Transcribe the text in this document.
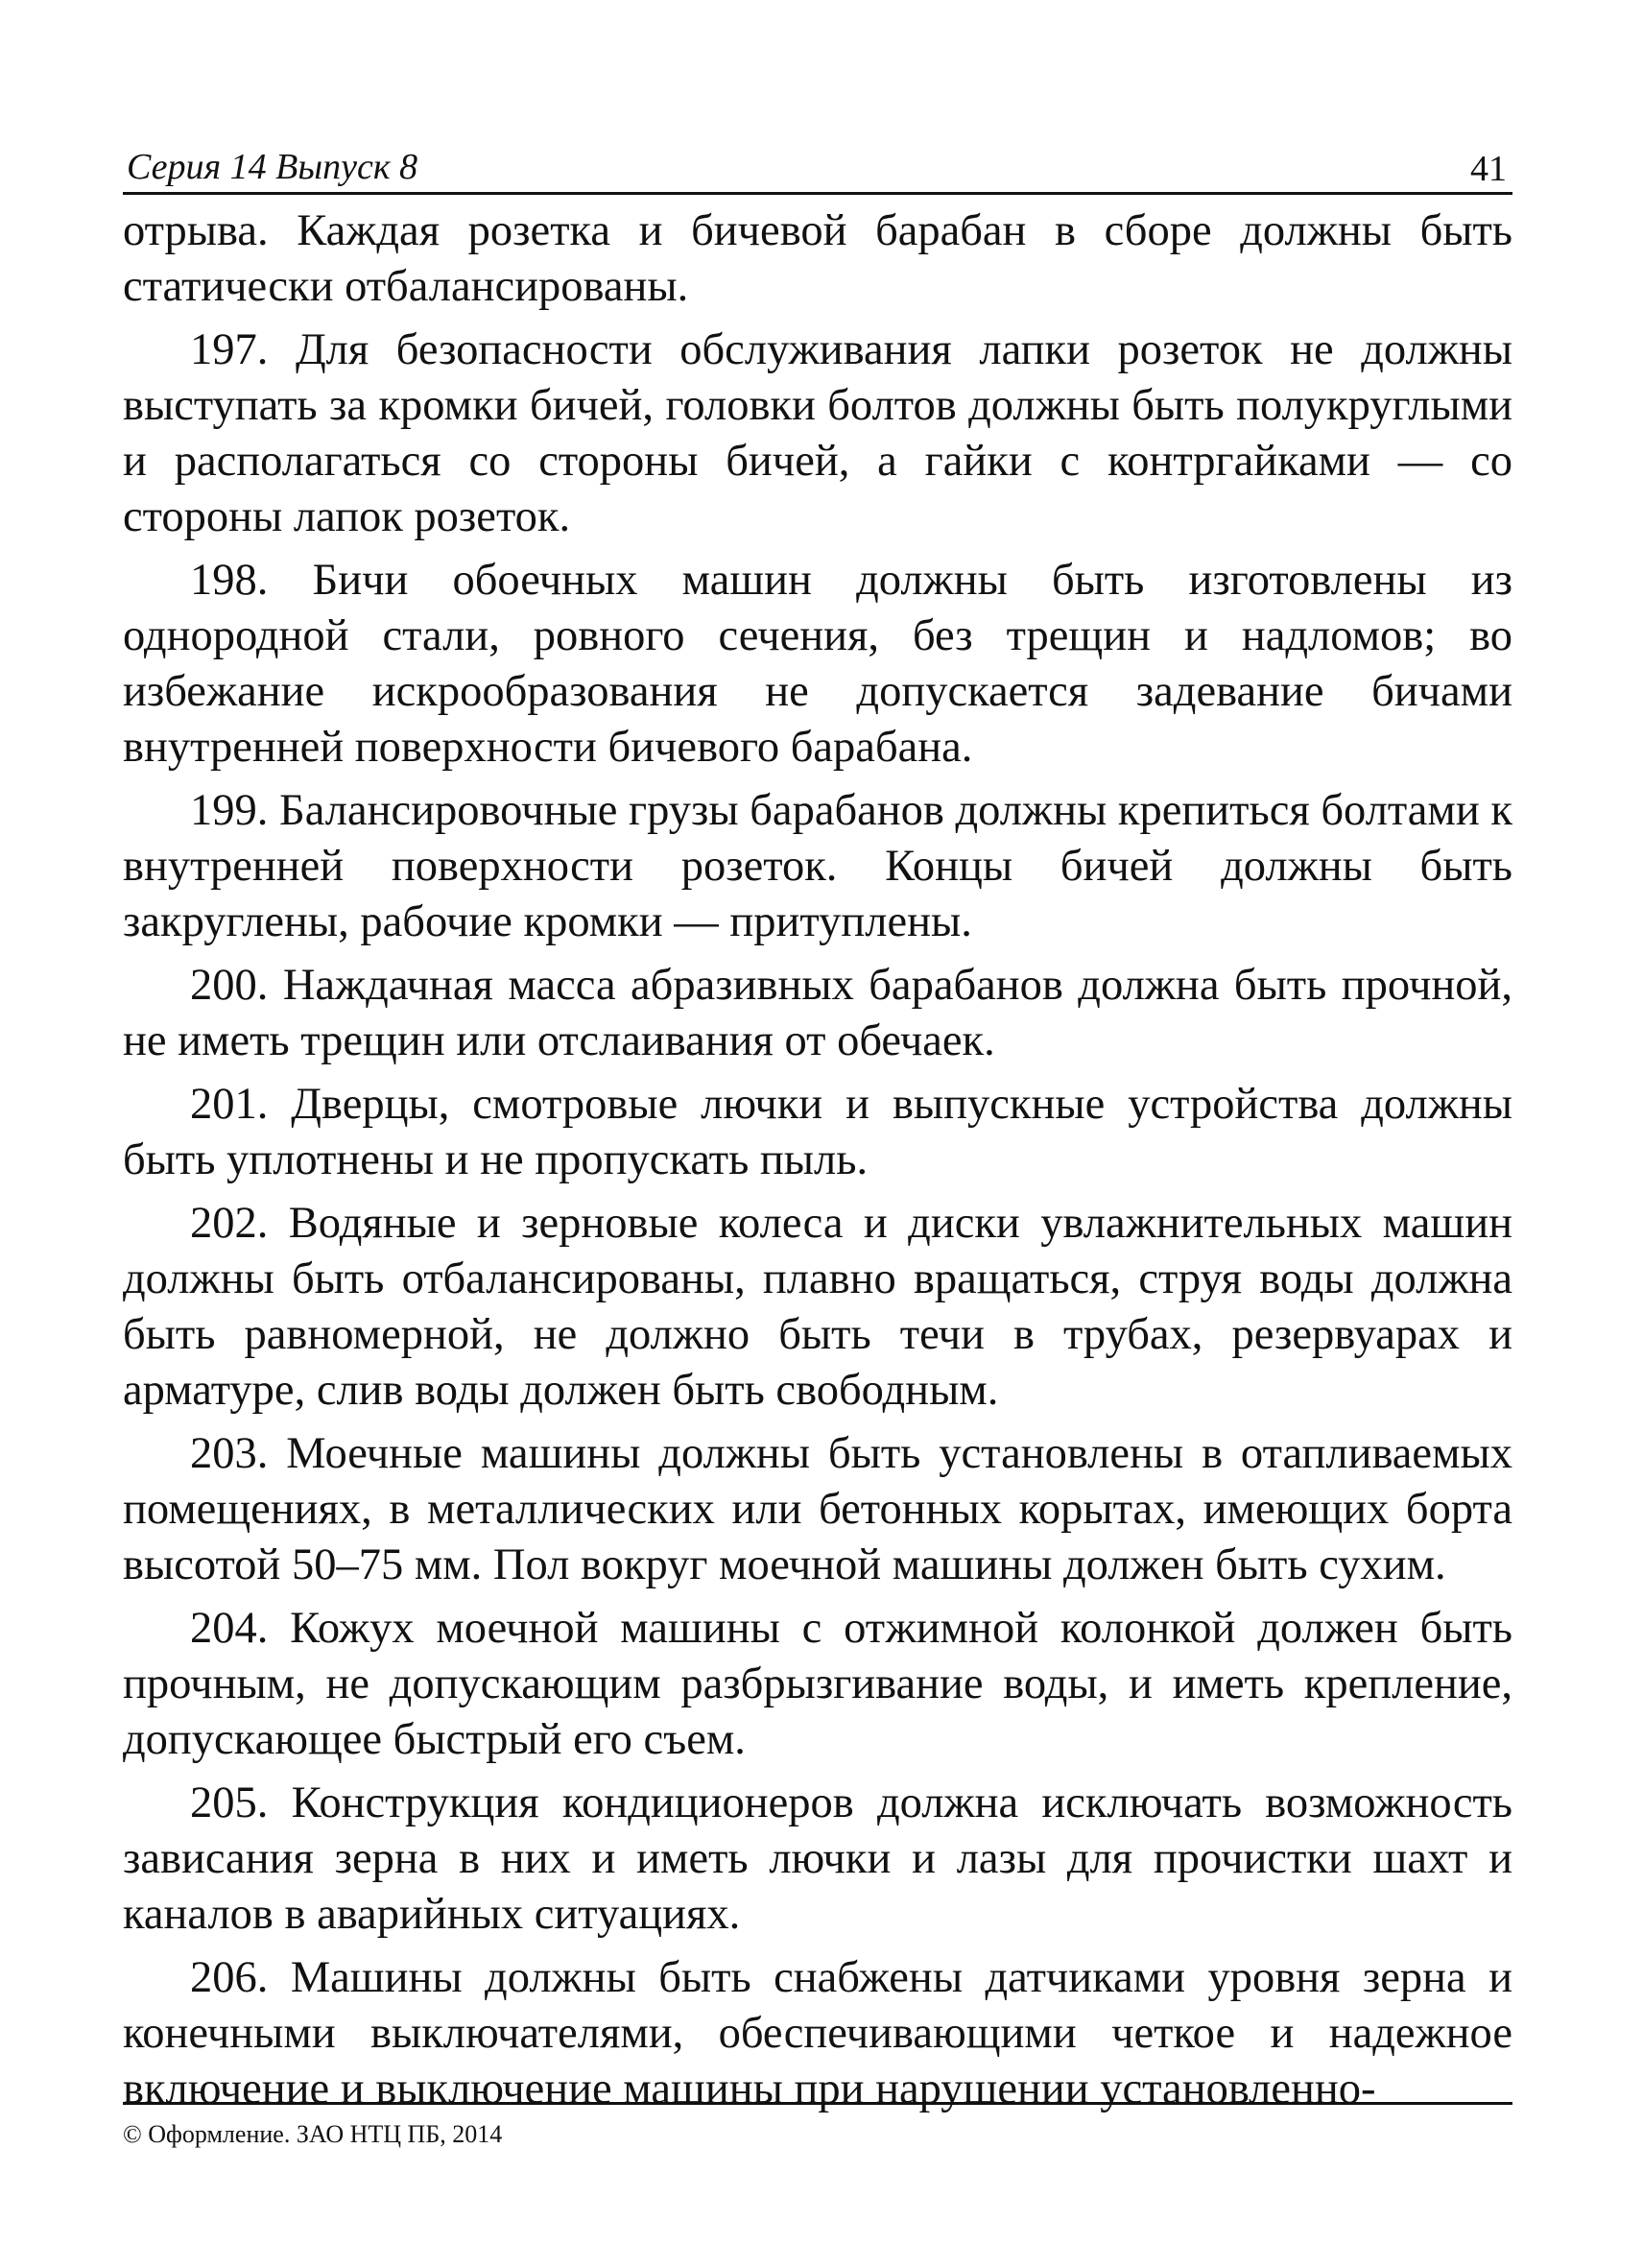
Серия 14 Выпуск 8	41

отрыва. Каждая розетка и бичевой барабан в сборе должны быть статически отбалансированы.

197. Для безопасности обслуживания лапки розеток не должны выступать за кромки бичей, головки болтов должны быть полукруглыми и располагаться со стороны бичей, а гайки с контргайками — со стороны лапок розеток.

198. Бичи обоечных машин должны быть изготовлены из однородной стали, ровного сечения, без трещин и надломов; во избежание искрообразования не допускается задевание бичами внутренней поверхности бичевого барабана.

199. Балансировочные грузы барабанов должны крепиться болтами к внутренней поверхности розеток. Концы бичей должны быть закруглены, рабочие кромки — притуплены.

200. Наждачная масса абразивных барабанов должна быть прочной, не иметь трещин или отслаивания от обечаек.

201. Дверцы, смотровые лючки и выпускные устройства должны быть уплотнены и не пропускать пыль.

202. Водяные и зерновые колеса и диски увлажнительных машин должны быть отбалансированы, плавно вращаться, струя воды должна быть равномерной, не должно быть течи в трубах, резервуарах и арматуре, слив воды должен быть свободным.

203. Моечные машины должны быть установлены в отапливаемых помещениях, в металлических или бетонных корытах, имеющих борта высотой 50–75 мм. Пол вокруг моечной машины должен быть сухим.

204. Кожух моечной машины с отжимной колонкой должен быть прочным, не допускающим разбрызгивание воды, и иметь крепление, допускающее быстрый его съем.

205. Конструкция кондиционеров должна исключать возможность зависания зерна в них и иметь лючки и лазы для прочистки шахт и каналов в аварийных ситуациях.

206. Машины должны быть снабжены датчиками уровня зерна и конечными выключателями, обеспечивающими четкое и надежное включение и выключение машины при нарушении установленно-

© Оформление. ЗАО НТЦ ПБ, 2014
